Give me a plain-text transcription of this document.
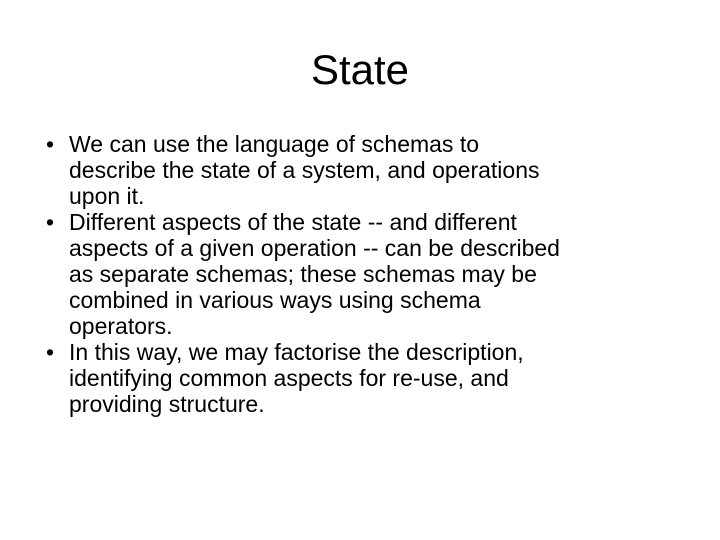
State
• We can use the language of schemas to
describe the state of a system, and operations
upon it.
• Different aspects of the state -- and different
aspects of a given operation -- can be described
as separate schemas; these schemas may be
combined in various ways using schema
operators.
• In this way, we may factorise the description,
identifying common aspects for re-use, and
providing structure.
